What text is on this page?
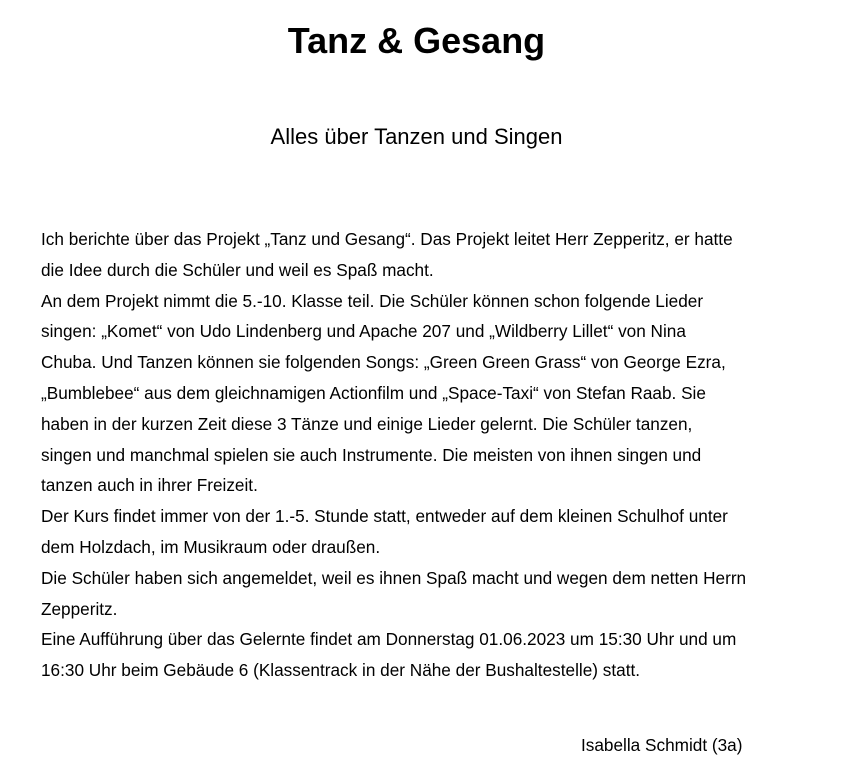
Tanz & Gesang
Alles über Tanzen und Singen
Ich berichte über das Projekt „Tanz und Gesang“. Das Projekt leitet Herr Zepperitz, er hatte
die Idee durch die Schüler und weil es Spaß macht.
An dem Projekt nimmt die 5.-10. Klasse teil. Die Schüler können schon folgende Lieder
singen: „Komet“ von Udo Lindenberg und Apache 207 und „Wildberry Lillet“ von Nina
Chuba. Und Tanzen können sie folgenden Songs: „Green Green Grass“ von George Ezra,
„Bumblebee“ aus dem gleichnamigen Actionfilm und „Space-Taxi“ von Stefan Raab. Sie
haben in der kurzen Zeit diese 3 Tänze und einige Lieder gelernt. Die Schüler tanzen,
singen und manchmal spielen sie auch Instrumente. Die meisten von ihnen singen und
tanzen auch in ihrer Freizeit.
Der Kurs findet immer von der 1.-5. Stunde statt, entweder auf dem kleinen Schulhof unter
dem Holzdach, im Musikraum oder draußen.
Die Schüler haben sich angemeldet, weil es ihnen Spaß macht und wegen dem netten Herrn
Zepperitz.
Eine Aufführung über das Gelernte findet am Donnerstag 01.06.2023 um 15:30 Uhr und um
16:30 Uhr beim Gebäude 6 (Klassentrack in der Nähe der Bushaltestelle) statt.

Isabella Schmidt (3a)
